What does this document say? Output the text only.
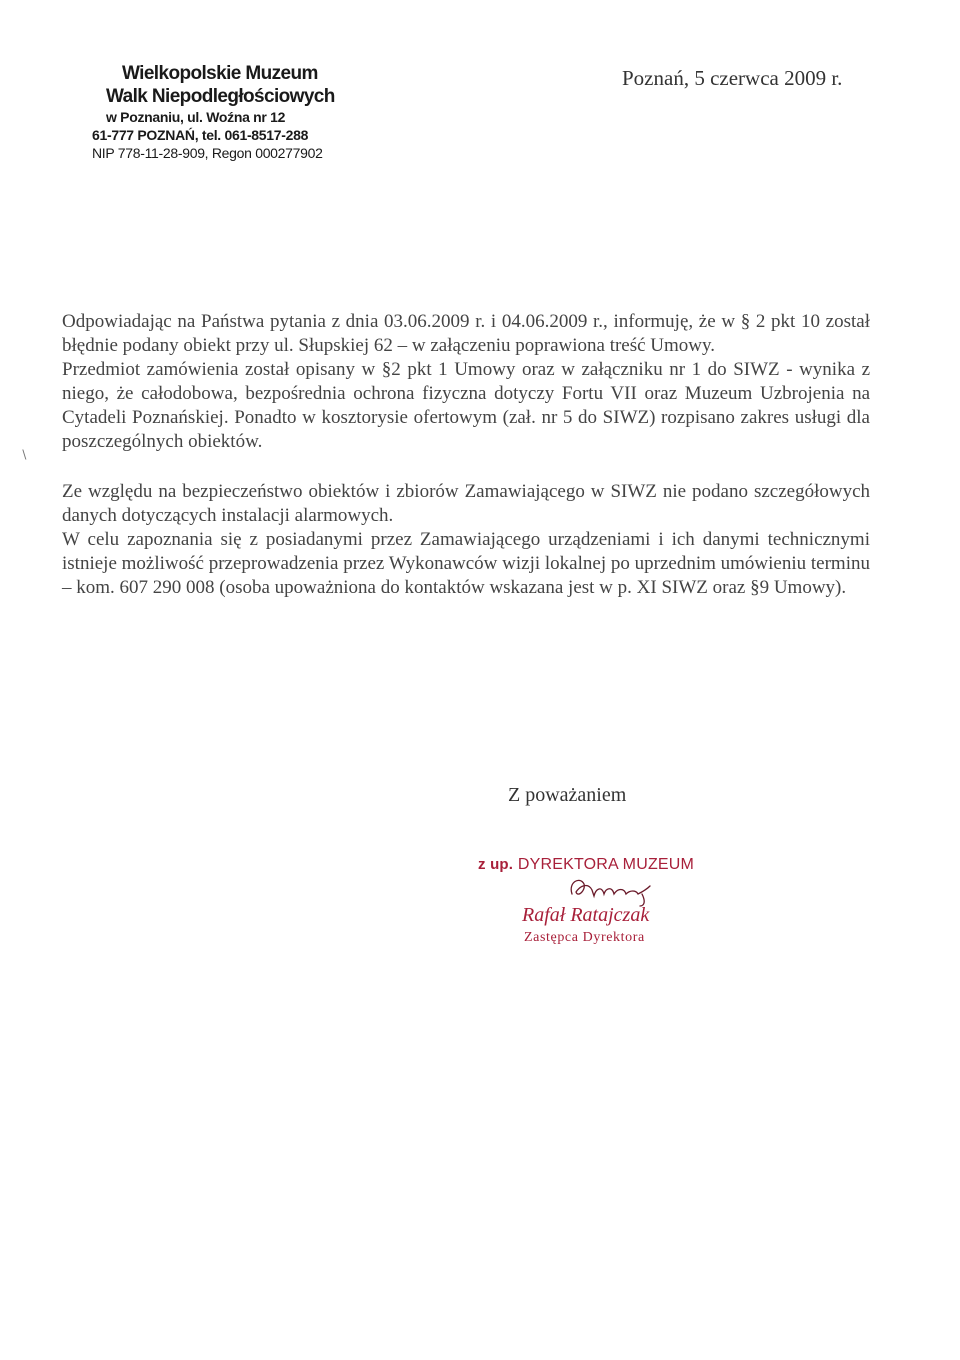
Wielkopolskie Muzeum
Walk Niepodległościowych
w Poznaniu, ul. Woźna nr 12
61-777 POZNAŃ, tel. 061-8517-288
NIP 778-11-28-909, Regon 000277902
Poznań, 5 czerwca 2009 r.
∖

Odpowiadając na Państwa pytania z dnia 03.06.2009 r. i 04.06.2009 r., informuję, że w § 2 pkt 10 został błędnie podany obiekt przy ul. Słupskiej 62 – w załączeniu poprawiona treść Umowy.

Przedmiot zamówienia został opisany w §2 pkt 1 Umowy oraz w załączniku nr 1 do SIWZ - wynika z niego, że całodobowa, bezpośrednia ochrona fizyczna dotyczy Fortu VII oraz Muzeum Uzbrojenia na Cytadeli Poznańskiej. Ponadto w kosztorysie ofertowym (zał. nr 5 do SIWZ) rozpisano zakres usługi dla poszczególnych obiektów.

Ze względu na bezpieczeństwo obiektów i zbiorów Zamawiającego w SIWZ nie podano szczegółowych danych dotyczących instalacji alarmowych.

W celu zapoznania się z posiadanymi przez Zamawiającego urządzeniami i ich danymi technicznymi istnieje możliwość przeprowadzenia przez Wykonawców wizji lokalnej po uprzednim umówieniu terminu – kom. 607 290 008 (osoba upoważniona do kontaktów wskazana jest w p. XI SIWZ oraz §9 Umowy).

Z poważaniem
z up. DYREKTORA MUZEUM
Rafał Ratajczak
Zastępca Dyrektora
